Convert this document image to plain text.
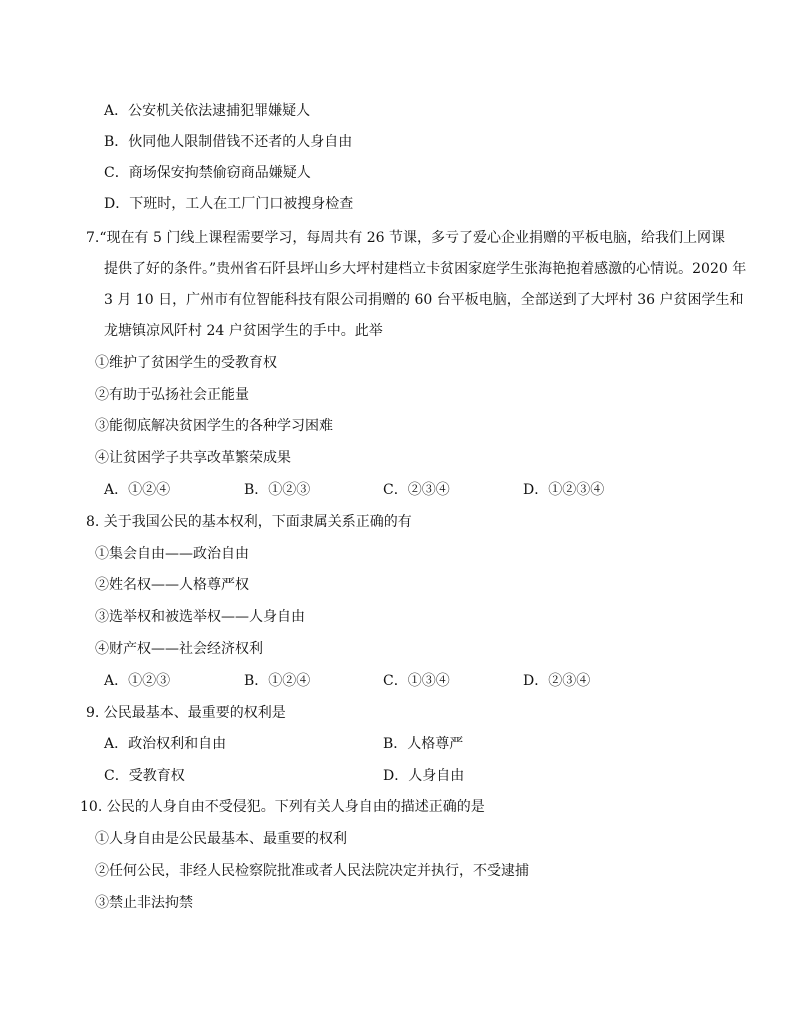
A．公安机关依法逮捕犯罪嫌疑人
B．伙同他人限制借钱不还者的人身自由
C．商场保安拘禁偷窃商品嫌疑人
D．下班时，工人在工厂门口被搜身检查
7.“现在有 5 门线上课程需要学习，每周共有 26 节课，多亏了爱心企业捐赠的平板电脑，给我们上网课
提供了好的条件。”贵州省石阡县坪山乡大坪村建档立卡贫困家庭学生张海艳抱着感激的心情说。2020 年
3 月 10 日，广州市有位智能科技有限公司捐赠的 60 台平板电脑，全部送到了大坪村 36 户贫困学生和
龙塘镇凉风阡村 24 户贫困学生的手中。此举
①维护了贫困学生的受教育权
②有助于弘扬社会正能量
③能彻底解决贫困学生的各种学习困难
④让贫困学子共享改革繁荣成果
A．①②④	B．①②③	C．②③④	D．①②③④
8. 关于我国公民的基本权利，下面隶属关系正确的有
①集会自由——政治自由
②姓名权——人格尊严权
③选举权和被选举权——人身自由
④财产权——社会经济权利
A．①②③	B．①②④	C．①③④	D．②③④
9. 公民最基本、最重要的权利是
A．政治权利和自由	B．人格尊严
C．受教育权	D．人身自由
10. 公民的人身自由不受侵犯。下列有关人身自由的描述正确的是
①人身自由是公民最基本、最重要的权利
②任何公民，非经人民检察院批准或者人民法院决定并执行，不受逮捕
③禁止非法拘禁
